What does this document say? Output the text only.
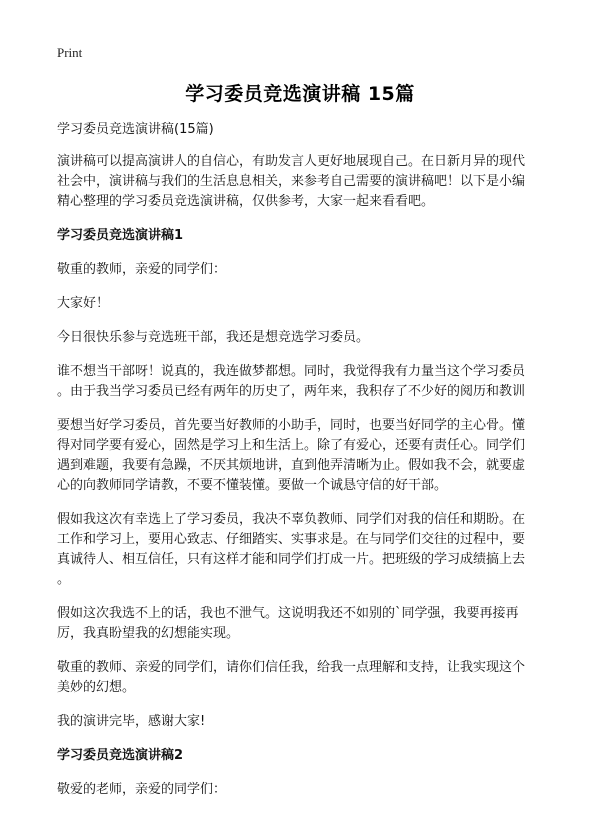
Print
学习委员竞选演讲稿 15篇
学习委员竞选演讲稿(15篇)

演讲稿可以提高演讲人的自信心，有助发言人更好地展现自己。在日新月异的现代
社会中，演讲稿与我们的生活息息相关，来参考自己需要的演讲稿吧！以下是小编
精心整理的学习委员竞选演讲稿，仅供参考，大家一起来看看吧。

学习委员竞选演讲稿1

敬重的教师，亲爱的同学们：

大家好！

今日很快乐参与竞选班干部，我还是想竞选学习委员。

谁不想当干部呀！说真的，我连做梦都想。同时，我觉得我有力量当这个学习委员
。由于我当学习委员已经有两年的历史了，两年来，我积存了不少好的阅历和教训

要想当好学习委员，首先要当好教师的小助手，同时，也要当好同学的主心骨。懂
得对同学要有爱心，固然是学习上和生活上。除了有爱心，还要有责任心。同学们
遇到难题，我要有急躁，不厌其烦地讲，直到他弄清晰为止。假如我不会，就要虚
心的向教师同学请教，不要不懂装懂。要做一个诚恳守信的好干部。

假如我这次有幸选上了学习委员，我决不辜负教师、同学们对我的信任和期盼。在
工作和学习上，要用心致志、仔细踏实、实事求是。在与同学们交往的过程中，要
真诚待人、相互信任，只有这样才能和同学们打成一片。把班级的学习成绩搞上去
。

假如这次我选不上的话，我也不泄气。这说明我还不如别的`同学强，我要再接再
厉，我真盼望我的幻想能实现。

敬重的教师、亲爱的同学们，请你们信任我，给我一点理解和支持，让我实现这个
美妙的幻想。

我的演讲完毕，感谢大家!

学习委员竞选演讲稿2

敬爱的老师，亲爱的同学们：
